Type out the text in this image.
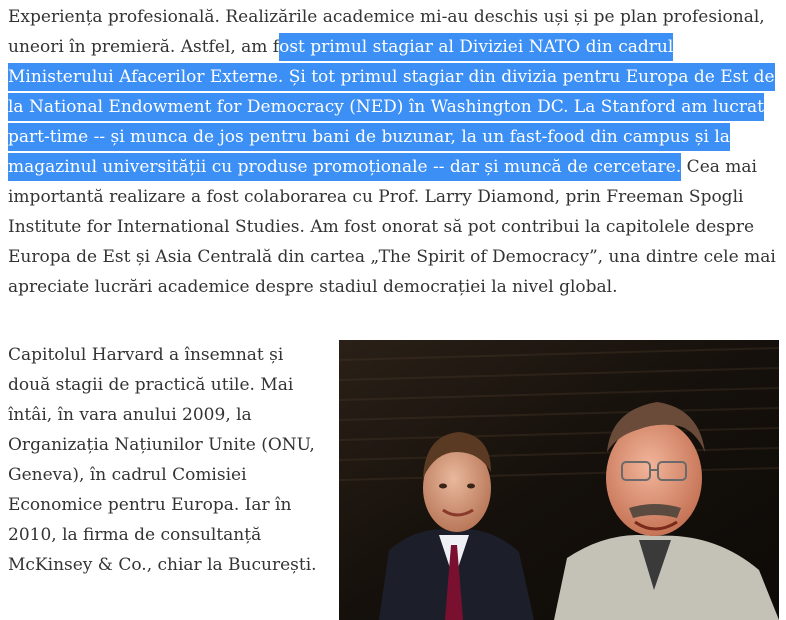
Experiența profesională. Realizările academice mi-au deschis uși și pe plan profesional, uneori în premieră. Astfel, am fost primul stagiar al Diviziei NATO din cadrul Ministerului Afacerilor Externe. Și tot primul stagiar din divizia pentru Europa de Est de la National Endowment for Democracy (NED) în Washington DC. La Stanford am lucrat part-time -- și munca de jos pentru bani de buzunar, la un fast-food din campus și la magazinul universității cu produse promoționale -- dar și muncă de cercetare. Cea mai importantă realizare a fost colaborarea cu Prof. Larry Diamond, prin Freeman Spogli Institute for International Studies. Am fost onorat să pot contribui la capitolele despre Europa de Est și Asia Centrală din cartea „The Spirit of Democracy”, una dintre cele mai apreciate lucrări academice despre stadiul democrației la nivel global.

Capitolul Harvard a însemnat și două stagii de practică utile. Mai întâi, în vara anului 2009, la Organizația Națiunilor Unite (ONU, Geneva), în cadrul Comisiei Economice pentru Europa. Iar în 2010, la firma de consultanță McKinsey & Co., chiar la București.
